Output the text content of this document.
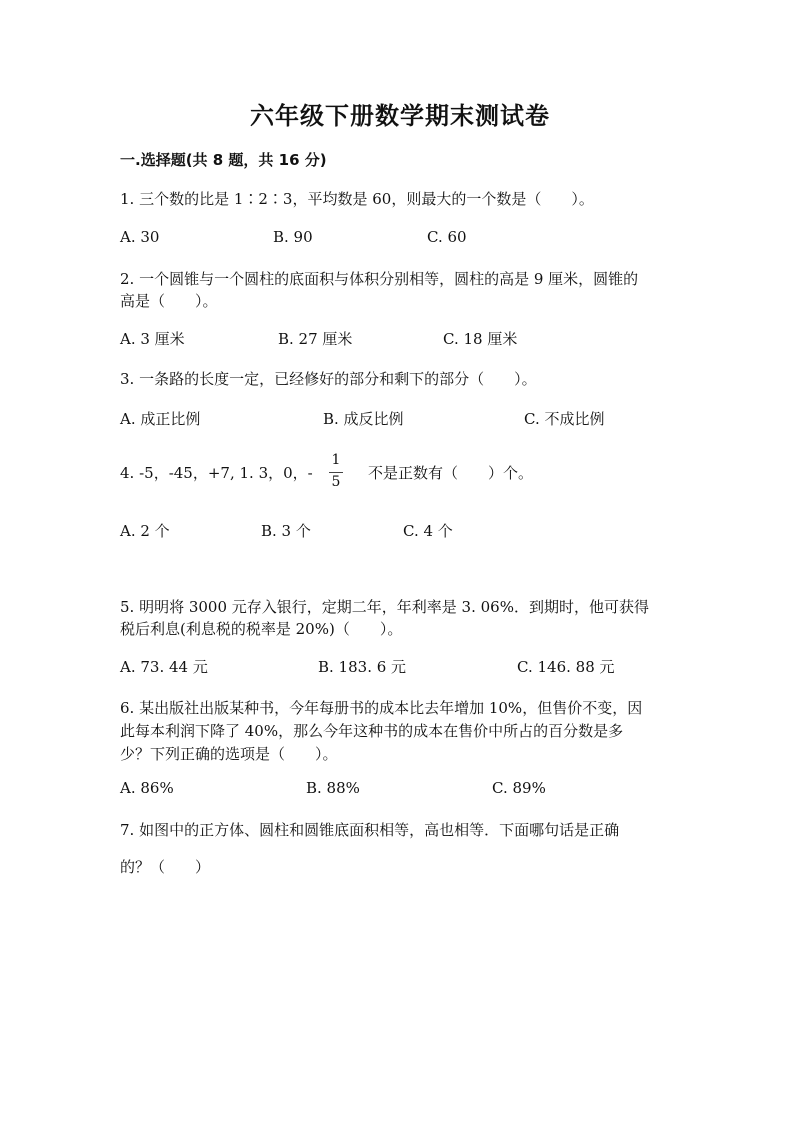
六年级下册数学期末测试卷
一.选择题(共 8 题，共 16 分)
1. 三个数的比是 1∶2∶3，平均数是 60，则最大的一个数是（　　）。
A. 30	B. 90	C. 60
2. 一个圆锥与一个圆柱的底面积与体积分别相等，圆柱的高是 9 厘米，圆锥的
高是（　　）。
A. 3 厘米	B. 27 厘米	C. 18 厘米
3. 一条路的长度一定，已经修好的部分和剩下的部分（　　）。
A. 成正比例	B. 成反比例	C. 不成比例
4. -5，-45，+7, 1. 3，0，-
1
5 不是正数有（　　）个。
A. 2 个	B. 3 个	C. 4 个
5. 明明将 3000 元存入银行，定期二年，年利率是 3. 06%．到期时，他可获得
税后利息(利息税的税率是 20%)（　　）。
A. 73. 44 元	B. 183. 6 元	C. 146. 88 元
6. 某出版社出版某种书，今年每册书的成本比去年增加 10%，但售价不变，因
此每本利润下降了 40%，那么今年这种书的成本在售价中所占的百分数是多
少？下列正确的选项是（　　）。
A. 86%	B. 88%	C. 89%
7. 如图中的正方体、圆柱和圆锥底面积相等，高也相等．下面哪句话是正确
的？（　　）
